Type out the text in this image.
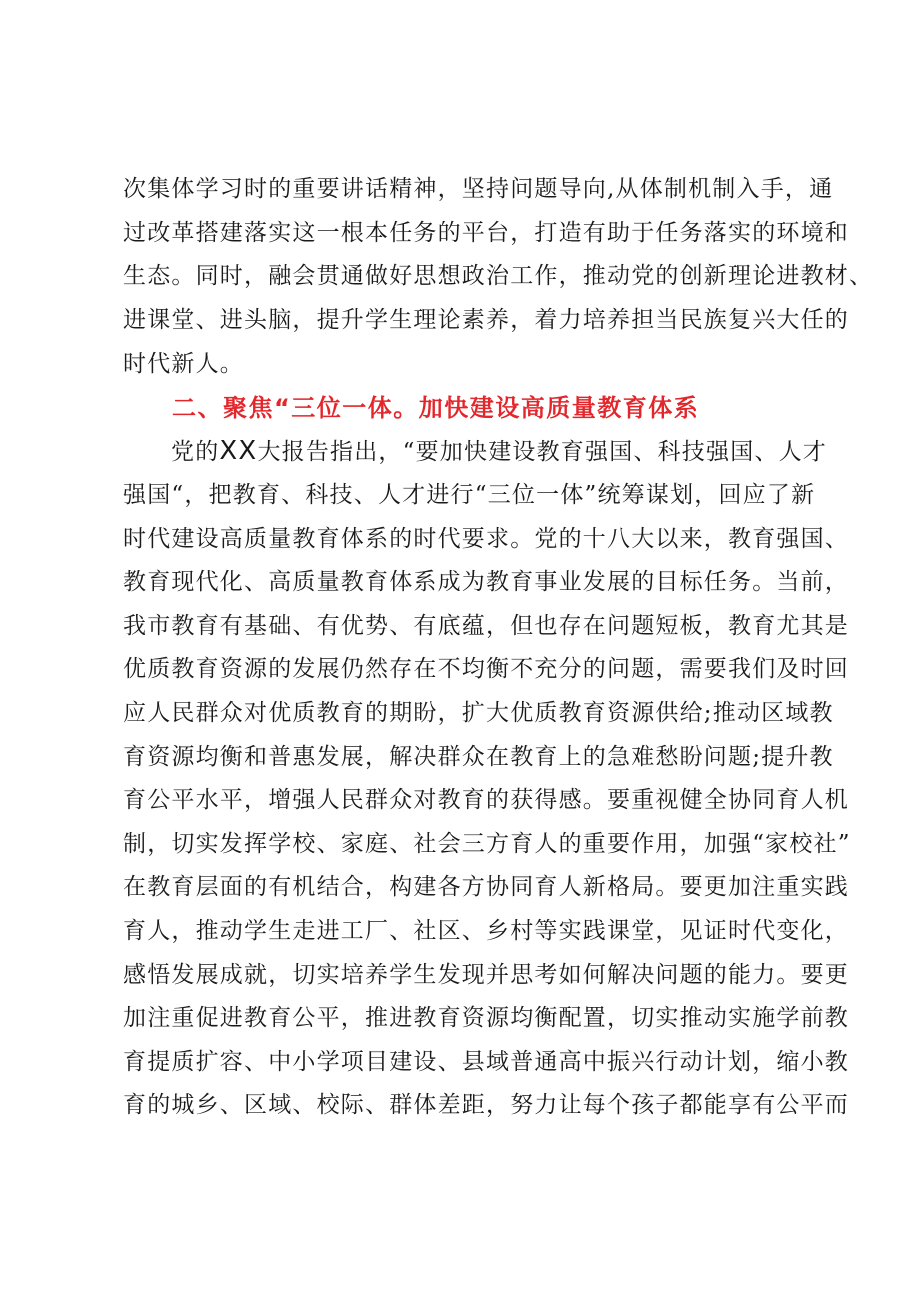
次集体学习时的重要讲话精神，坚持问题导向,从体制机制入手，通
过改革搭建落实这一根本任务的平台，打造有助于任务落实的环境和
生态。同时，融会贯通做好思想政治工作，推动党的创新理论进教材、
进课堂、进头脑，提升学生理论素养，着力培养担当民族复兴大任的
时代新人。
二、聚焦“三位一体。加快建设高质量教育体系
党的XX大报告指出，“要加快建设教育强国、科技强国、人才
强国“，把教育、科技、人才进行“三位一体”统筹谋划，回应了新
时代建设高质量教育体系的时代要求。党的十八大以来，教育强国、
教育现代化、高质量教育体系成为教育事业发展的目标任务。当前，
我市教育有基础、有优势、有底蕴，但也存在问题短板，教育尤其是
优质教育资源的发展仍然存在不均衡不充分的问题，需要我们及时回
应人民群众对优质教育的期盼，扩大优质教育资源供给;推动区域教
育资源均衡和普惠发展，解决群众在教育上的急难愁盼问题;提升教
育公平水平，增强人民群众对教育的获得感。要重视健全协同育人机
制，切实发挥学校、家庭、社会三方育人的重要作用，加强“家校社”
在教育层面的有机结合，构建各方协同育人新格局。要更加注重实践
育人，推动学生走进工厂、社区、乡村等实践课堂，见证时代变化，
感悟发展成就，切实培养学生发现并思考如何解决问题的能力。要更
加注重促进教育公平，推进教育资源均衡配置，切实推动实施学前教
育提质扩容、中小学项目建设、县域普通高中振兴行动计划，缩小教
育的城乡、区域、校际、群体差距，努力让每个孩子都能享有公平而
